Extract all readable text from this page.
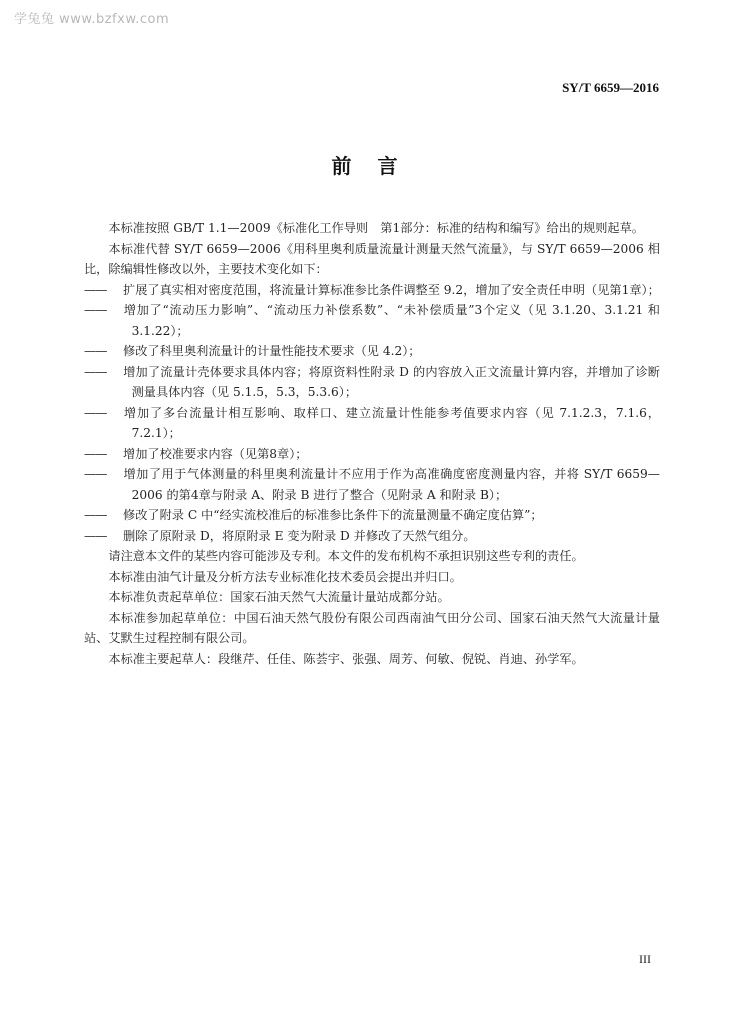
学兔兔 www.bzfxw.com
SY/T 6659—2016
前言

本标准按照 GB/T 1.1—2009《标准化工作导则　第1部分：标准的结构和编写》给出的规则起草。

本标准代替 SY/T 6659—2006《用科里奥利质量流量计测量天然气流量》，与 SY/T 6659—2006 相比，除编辑性修改以外，主要技术变化如下：

—— 扩展了真实相对密度范围，将流量计算标准参比条件调整至 9.2，增加了安全责任申明（见第1章）；

—— 增加了“流动压力影响”、“流动压力补偿系数”、“未补偿质量”3个定义（见 3.1.20、3.1.21 和 3.1.22）；

—— 修改了科里奥利流量计的计量性能技术要求（见 4.2）；

—— 增加了流量计壳体要求具体内容；将原资料性附录 D 的内容放入正文流量计算内容，并增加了诊断测量具体内容（见 5.1.5，5.3，5.3.6）；

—— 增加了多台流量计相互影响、取样口、建立流量计性能参考值要求内容（见 7.1.2.3，7.1.6，7.2.1）；

—— 增加了校准要求内容（见第8章）；

—— 增加了用于气体测量的科里奥利流量计不应用于作为高准确度密度测量内容，并将 SY/T 6659—2006 的第4章与附录 A、附录 B 进行了整合（见附录 A 和附录 B）；

—— 修改了附录 C 中“经实流校准后的标准参比条件下的流量测量不确定度估算”；

—— 删除了原附录 D，将原附录 E 变为附录 D 并修改了天然气组分。

请注意本文件的某些内容可能涉及专利。本文件的发布机构不承担识别这些专利的责任。

本标准由油气计量及分析方法专业标准化技术委员会提出并归口。

本标准负责起草单位：国家石油天然气大流量计量站成都分站。

本标准参加起草单位：中国石油天然气股份有限公司西南油气田分公司、国家石油天然气大流量计量站、艾默生过程控制有限公司。

本标准主要起草人：段继芹、任佳、陈荟宇、张强、周芳、何敏、倪锐、肖迪、孙学军。

III
